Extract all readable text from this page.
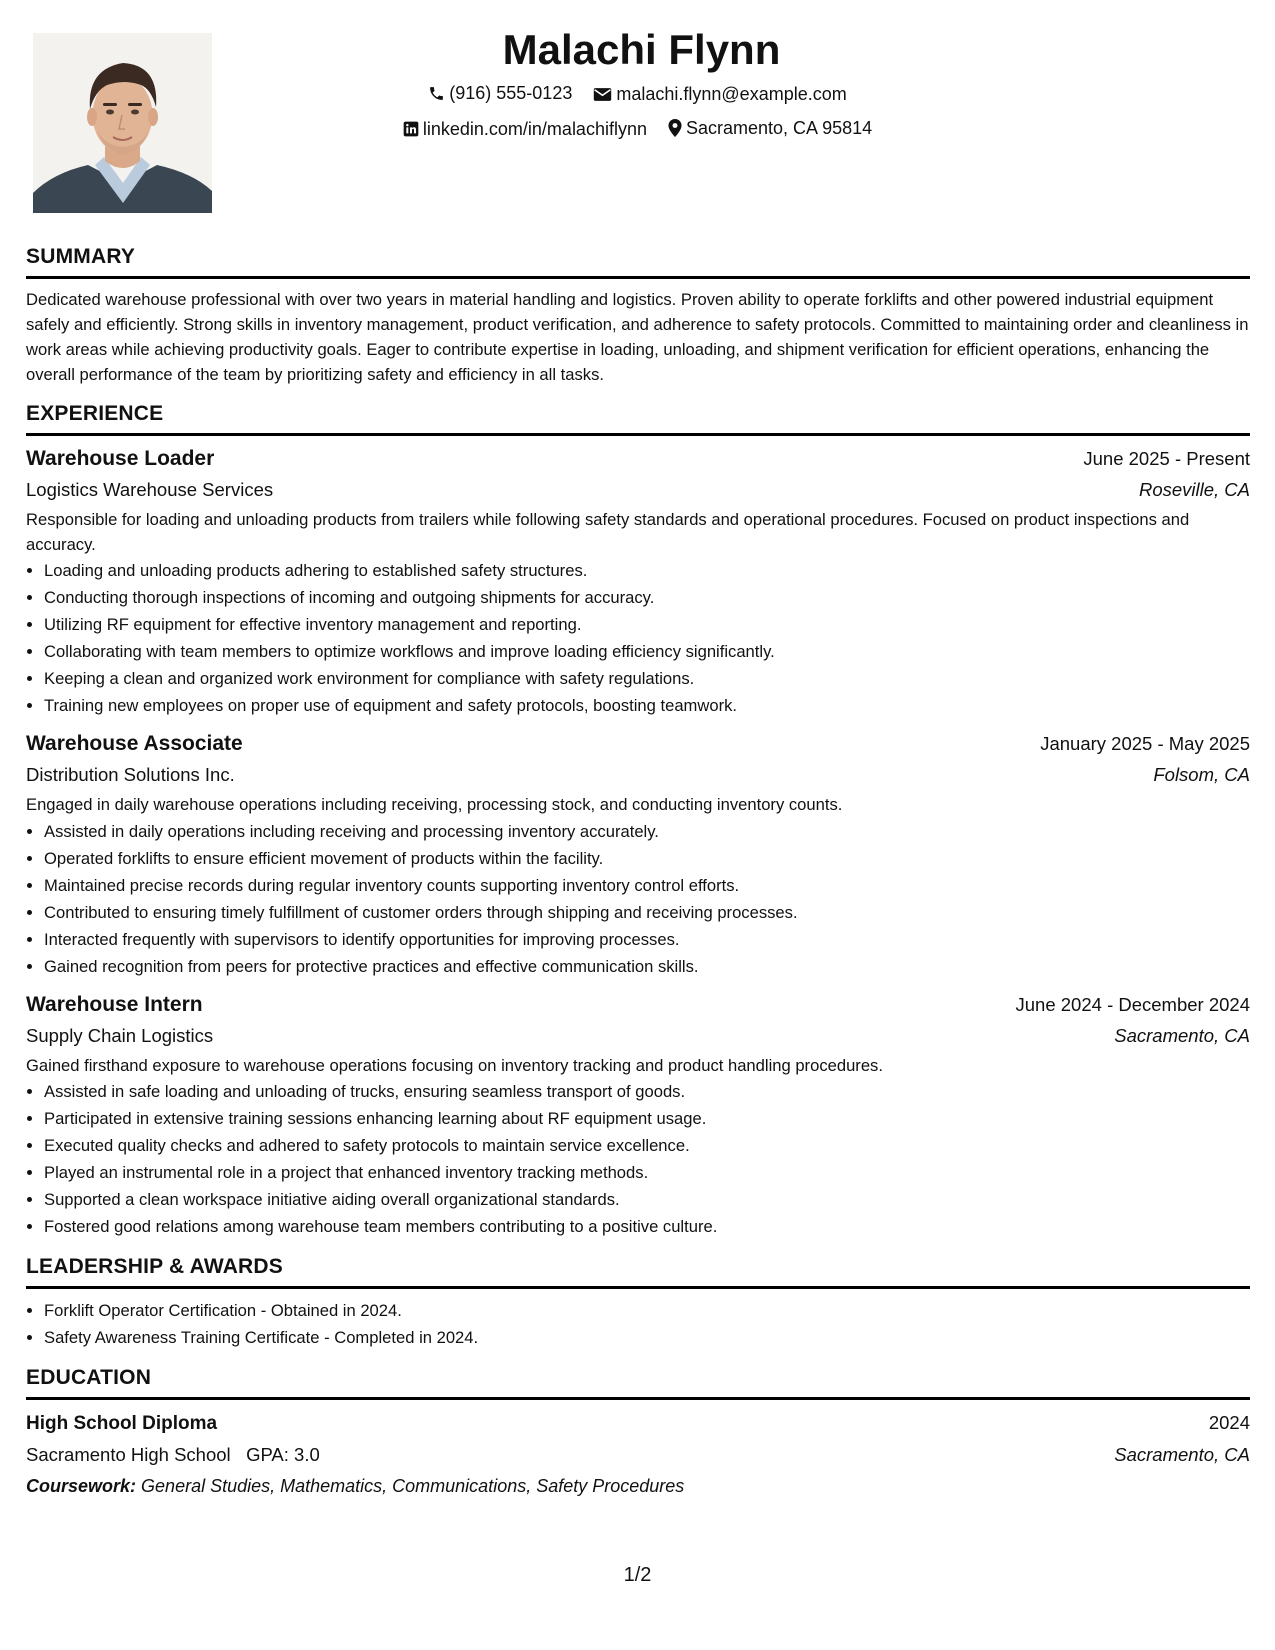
Malachi Flynn
(916) 555-0123
malachi.flynn@example.com
linkedin.com/in/malachiflynn
Sacramento, CA 95814
SUMMARY

Dedicated warehouse professional with over two years in material handling and logistics. Proven ability to operate forklifts and other powered industrial equipment safely and efficiently. Strong skills in inventory management, product verification, and adherence to safety protocols. Committed to maintaining order and cleanliness in work areas while achieving productivity goals. Eager to contribute expertise in loading, unloading, and shipment verification for efficient operations, enhancing the overall performance of the team by prioritizing safety and efficiency in all tasks.

EXPERIENCE
Warehouse Loader	June 2025 - Present
Logistics Warehouse Services	Roseville, CA
Responsible for loading and unloading products from trailers while following safety standards and operational procedures. Focused on product inspections and accuracy.
• Loading and unloading products adhering to established safety structures.
• Conducting thorough inspections of incoming and outgoing shipments for accuracy.
• Utilizing RF equipment for effective inventory management and reporting.
• Collaborating with team members to optimize workflows and improve loading efficiency significantly.
• Keeping a clean and organized work environment for compliance with safety regulations.
• Training new employees on proper use of equipment and safety protocols, boosting teamwork.
Warehouse Associate	January 2025 - May 2025
Distribution Solutions Inc.	Folsom, CA
Engaged in daily warehouse operations including receiving, processing stock, and conducting inventory counts.
• Assisted in daily operations including receiving and processing inventory accurately.
• Operated forklifts to ensure efficient movement of products within the facility.
• Maintained precise records during regular inventory counts supporting inventory control efforts.
• Contributed to ensuring timely fulfillment of customer orders through shipping and receiving processes.
• Interacted frequently with supervisors to identify opportunities for improving processes.
• Gained recognition from peers for protective practices and effective communication skills.
Warehouse Intern	June 2024 - December 2024
Supply Chain Logistics	Sacramento, CA
Gained firsthand exposure to warehouse operations focusing on inventory tracking and product handling procedures.
• Assisted in safe loading and unloading of trucks, ensuring seamless transport of goods.
• Participated in extensive training sessions enhancing learning about RF equipment usage.
• Executed quality checks and adhered to safety protocols to maintain service excellence.
• Played an instrumental role in a project that enhanced inventory tracking methods.
• Supported a clean workspace initiative aiding overall organizational standards.
• Fostered good relations among warehouse team members contributing to a positive culture.
LEADERSHIP & AWARDS
• Forklift Operator Certification - Obtained in 2024.
• Safety Awareness Training Certificate - Completed in 2024.
EDUCATION
High School Diploma	2024
Sacramento High School GPA: 3.0	Sacramento, CA
Coursework: General Studies, Mathematics, Communications, Safety Procedures
1/2
